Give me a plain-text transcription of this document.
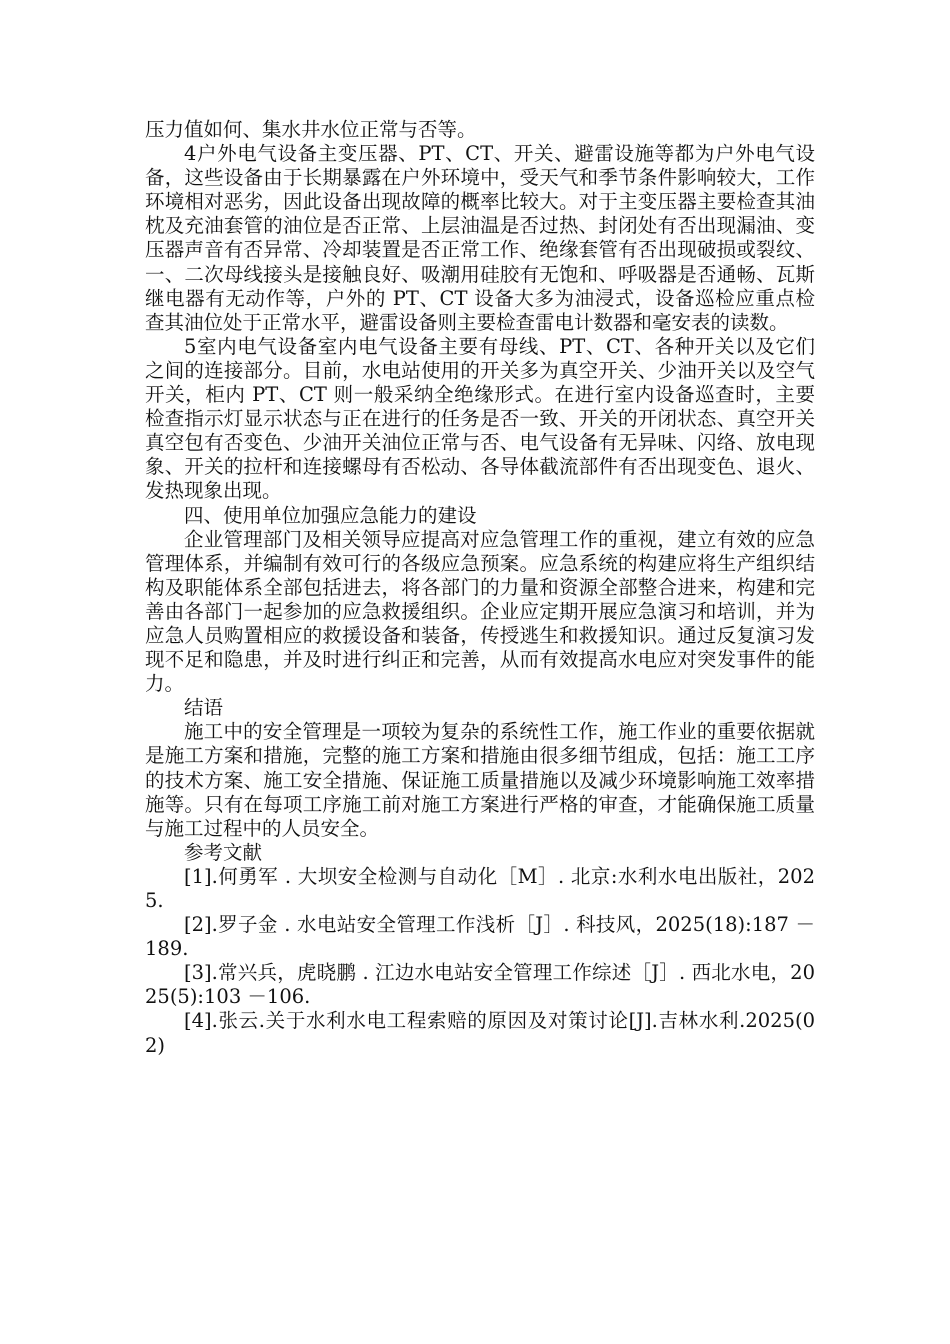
压力值如何、集水井水位正常与否等。

4户外电气设备主变压器、PT、CT、开关、避雷设施等都为户外电气设备，这些设备由于长期暴露在户外环境中，受天气和季节条件影响较大，工作环境相对恶劣，因此设备出现故障的概率比较大。对于主变压器主要检查其油枕及充油套管的油位是否正常、上层油温是否过热、封闭处有否出现漏油、变压器声音有否异常、冷却装置是否正常工作、绝缘套管有否出现破损或裂纹、一、二次母线接头是接触良好、吸潮用硅胶有无饱和、呼吸器是否通畅、瓦斯继电器有无动作等，户外的 PT、CT 设备大多为油浸式，设备巡检应重点检查其油位处于正常水平，避雷设备则主要检查雷电计数器和毫安表的读数。

5室内电气设备室内电气设备主要有母线、PT、CT、各种开关以及它们之间的连接部分。目前，水电站使用的开关多为真空开关、少油开关以及空气开关，柜内 PT、CT 则一般采纳全绝缘形式。在进行室内设备巡查时，主要检查指示灯显示状态与正在进行的任务是否一致、开关的开闭状态、真空开关真空包有否变色、少油开关油位正常与否、电气设备有无异味、闪络、放电现象、开关的拉杆和连接螺母有否松动、各导体截流部件有否出现变色、退火、发热现象出现。

四、使用单位加强应急能力的建设

企业管理部门及相关领导应提高对应急管理工作的重视，建立有效的应急管理体系，并编制有效可行的各级应急预案。应急系统的构建应将生产组织结构及职能体系全部包括进去，将各部门的力量和资源全部整合进来，构建和完善由各部门一起参加的应急救援组织。企业应定期开展应急演习和培训，并为应急人员购置相应的救援设备和装备，传授逃生和救援知识。通过反复演习发现不足和隐患，并及时进行纠正和完善，从而有效提高水电应对突发事件的能力。

结语

施工中的安全管理是一项较为复杂的系统性工作，施工作业的重要依据就是施工方案和措施，完整的施工方案和措施由很多细节组成，包括：施工工序的技术方案、施工安全措施、保证施工质量措施以及减少环境影响施工效率措施等。只有在每项工序施工前对施工方案进行严格的审查，才能确保施工质量与施工过程中的人员安全。

参考文献

[1].何勇军 . 大坝安全检测与自动化［M］. 北京:水利水电出版社，2025.

[2].罗子金 . 水电站安全管理工作浅析［J］. 科技风，2025(18):187 －189.

[3].常兴兵，虎晓鹏 . 江边水电站安全管理工作综述［J］. 西北水电，2025(5):103 －106.

[4].张云.关于水利水电工程索赔的原因及对策讨论[J].吉林水利.2025(02)
